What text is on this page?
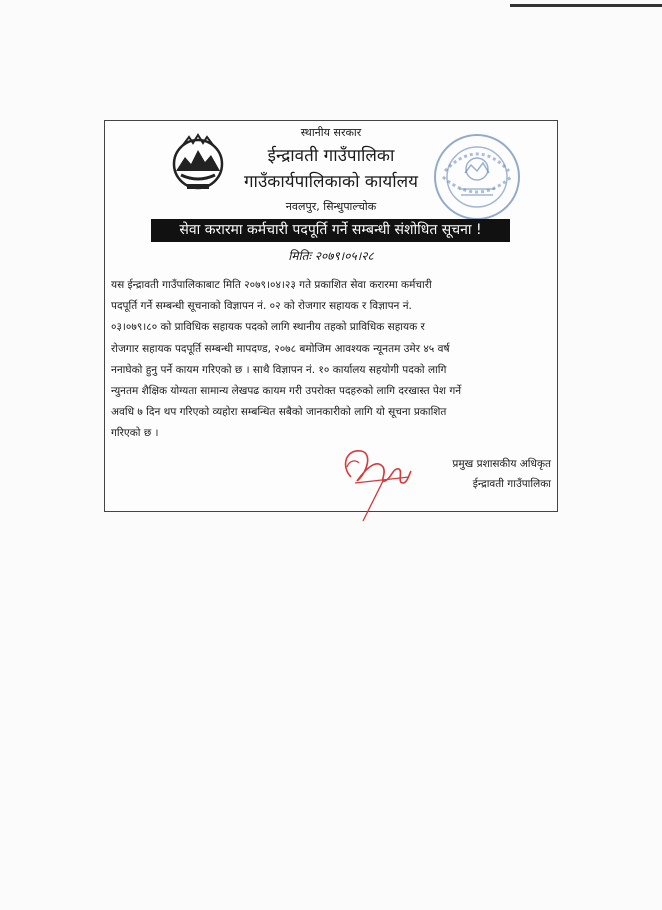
स्थानीय सरकार
ईन्द्रावती गाउँपालिका
गाउँकार्यपालिकाको कार्यालय
नवलपुर, सिन्धुपाल्चोक
सेवा करारमा कर्मचारी पदपूर्ति गर्ने सम्बन्धी संशोधित सूचना !
मितिः २०७९।०५।२८
यस ईन्द्रावती गाउँपालिकाबाट मिति २०७९।०४।२३ गते प्रकाशित सेवा करारमा कर्मचारी
पदपूर्ति गर्ने सम्बन्धी सूचनाको विज्ञापन नं. ०२ को रोजगार सहायक र विज्ञापन नं.
०३।०७९।८० को प्राविधिक सहायक पदको लागि स्थानीय तहको प्राविधिक सहायक र
रोजगार सहायक पदपूर्ति सम्बन्धी मापदण्ड, २०७८ बमोजिम आवश्यक न्यूनतम उमेर ४५ वर्ष
ननाघेको हुनु पर्ने कायम गरिएको छ । साथै विज्ञापन नं. १० कार्यालय सहयोगी पदको लागि
न्युनतम शैक्षिक योग्यता सामान्य लेखपढ कायम गरी उपरोक्त पदहरुको लागि दरखास्त पेश गर्ने
अवधि ७ दिन थप गरिएको व्यहोरा सम्बन्धित सबैको जानकारीको लागि यो सूचना प्रकाशित
गरिएको छ ।
प्रमुख प्रशासकीय अधिकृत
ईन्द्रावती गाउँपालिका
